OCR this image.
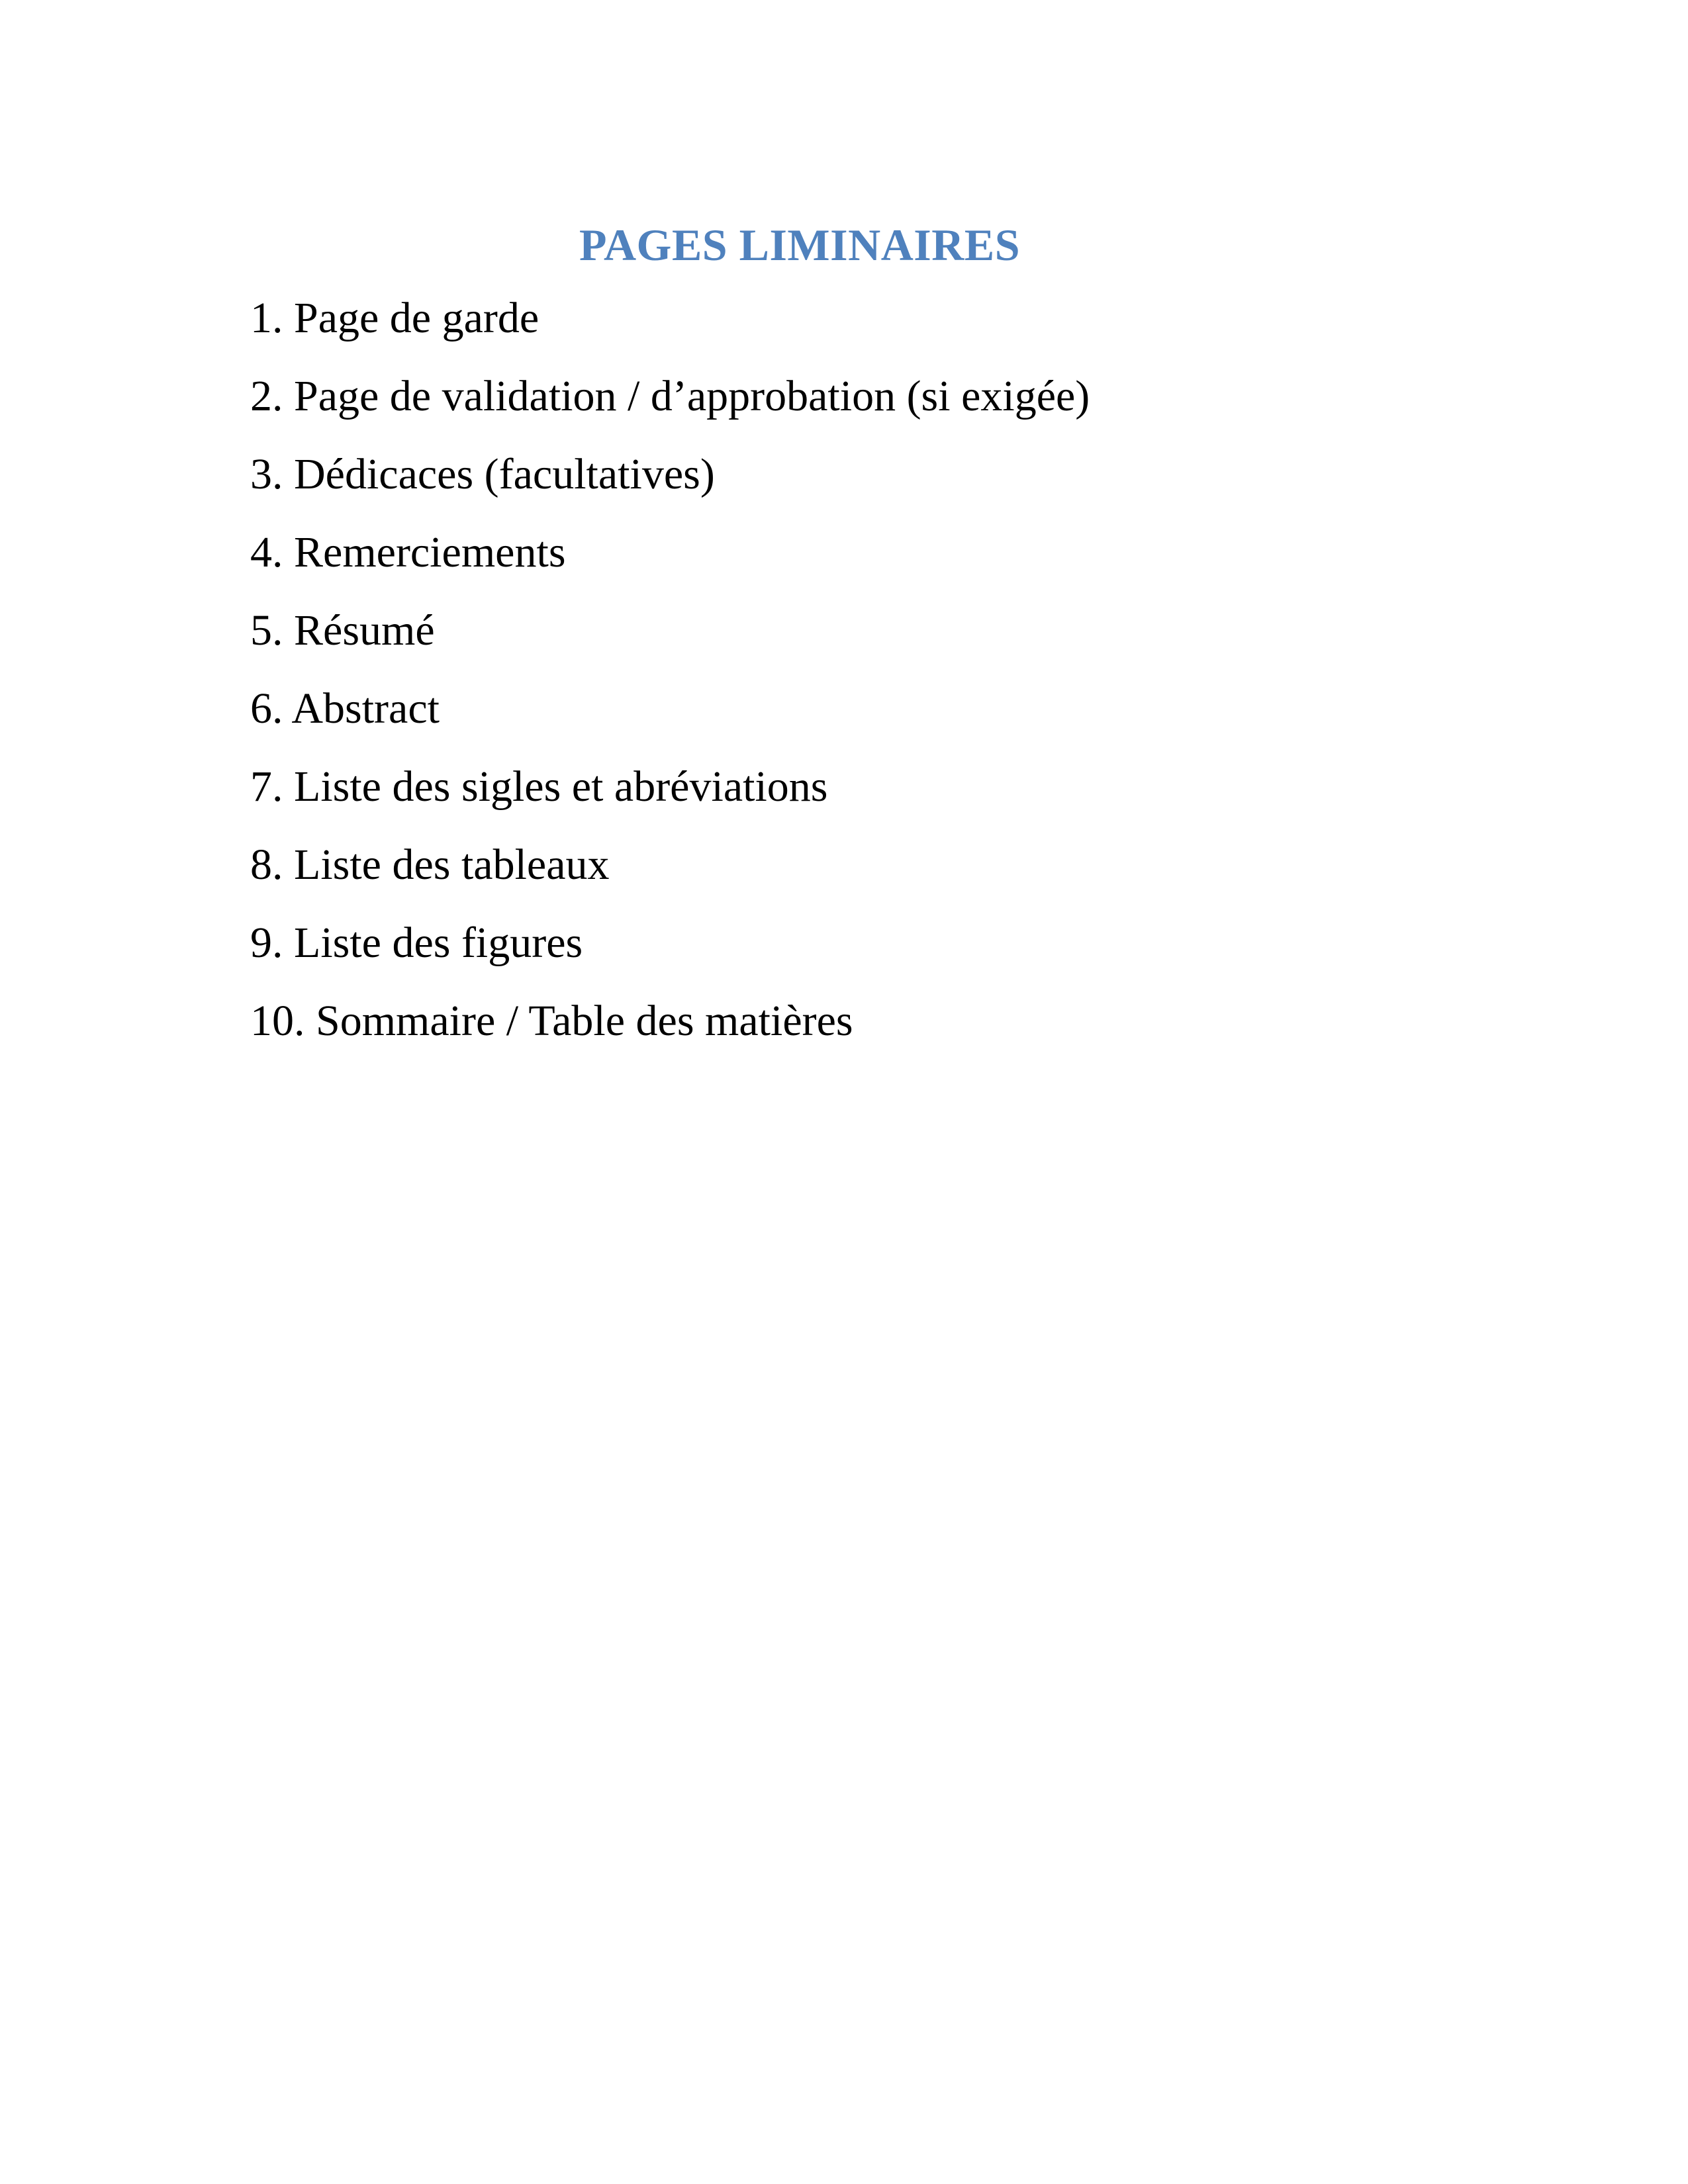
PAGES LIMINAIRES
1. Page de garde
2. Page de validation / d’approbation (si exigée)
3. Dédicaces (facultatives)
4. Remerciements
5. Résumé
6. Abstract
7. Liste des sigles et abréviations
8. Liste des tableaux
9. Liste des figures
10. Sommaire / Table des matières
